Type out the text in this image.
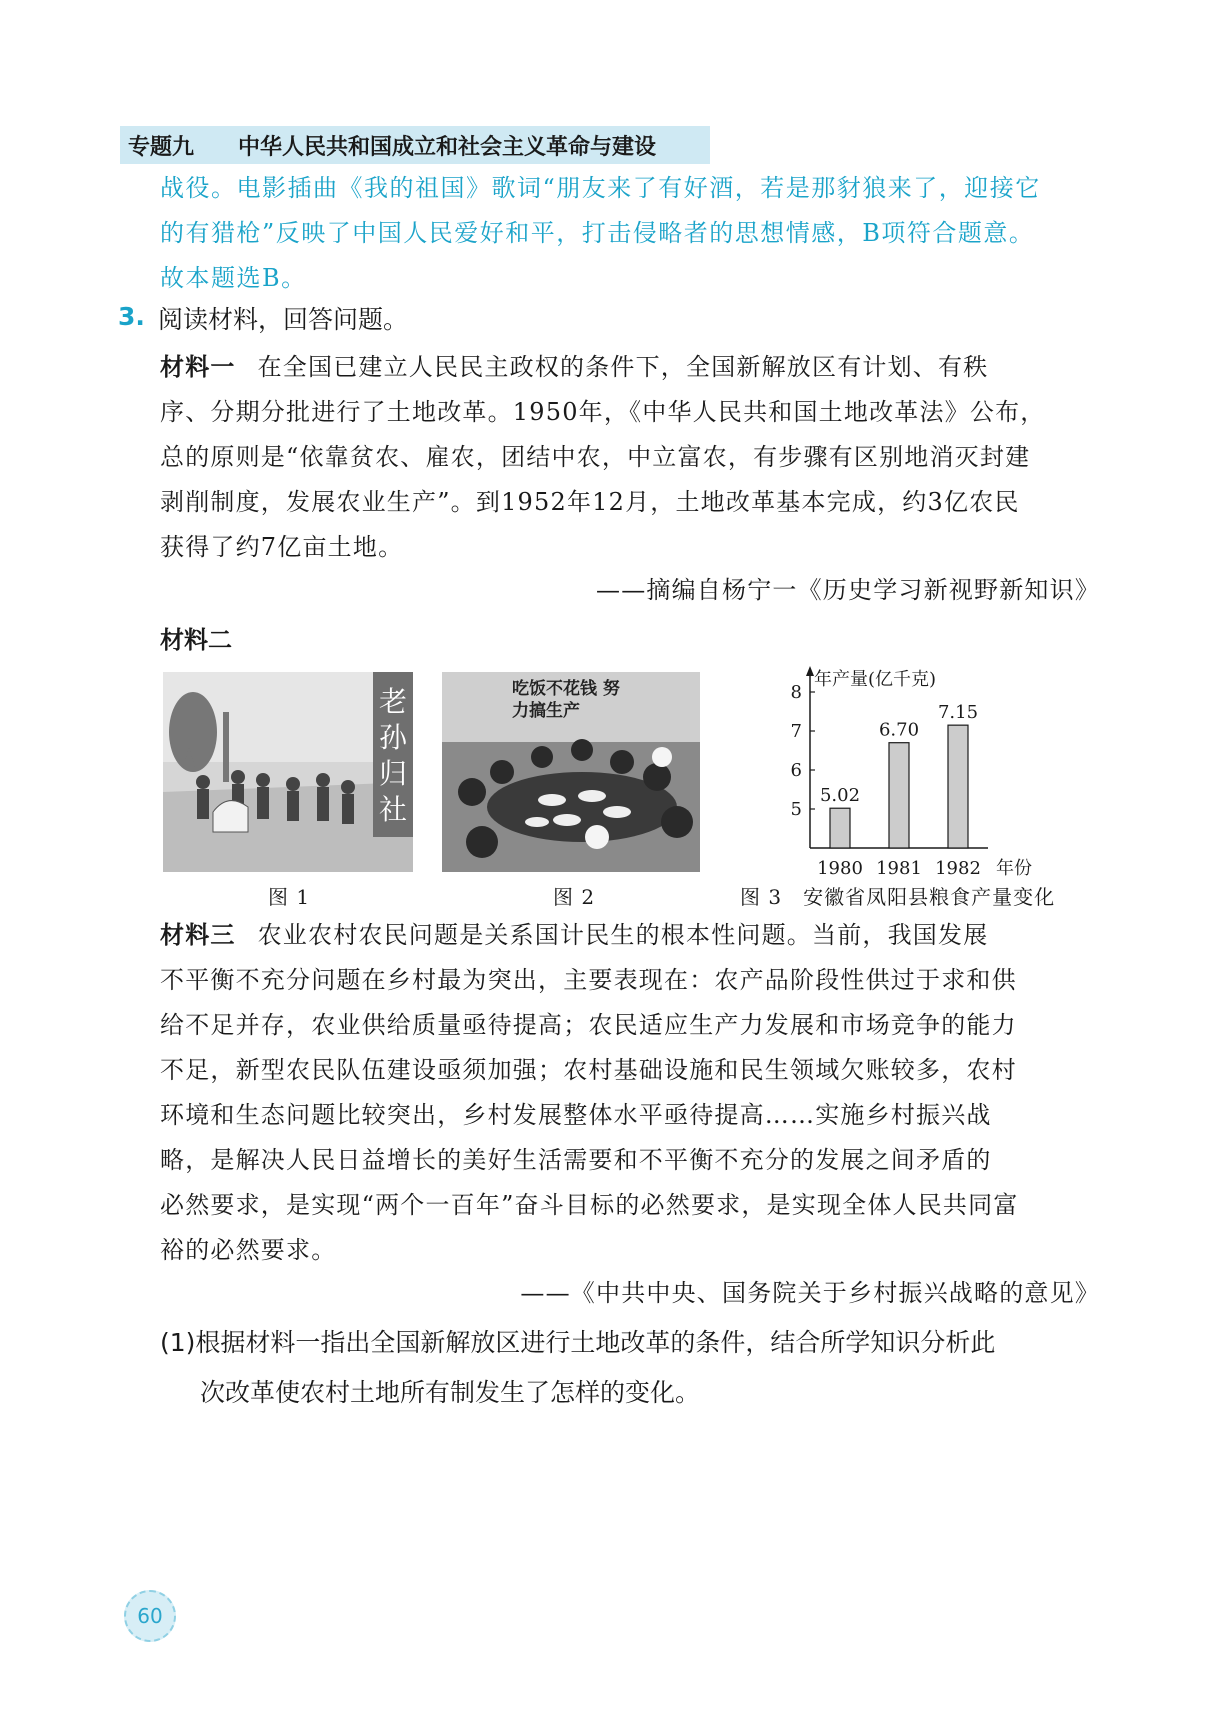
专题九	中华人民共和国成立和社会主义革命与建设

战役。电影插曲《我的祖国》歌词“朋友来了有好酒，若是那豺狼来了，迎接它

的有猎枪”反映了中国人民爱好和平，打击侵略者的思想情感，B项符合题意。

故本题选B。

3. 阅读材料，回答问题。

材料一 在全国已建立人民民主政权的条件下，全国新解放区有计划、有秩

序、分期分批进行了土地改革。1950年，《中华人民共和国土地改革法》公布，

总的原则是“依靠贫农、雇农，团结中农，中立富农，有步骤有区别地消灭封建

剥削制度，发展农业生产”。到1952年12月，土地改革基本完成，约3亿农民

获得了约7亿亩土地。

——摘编自杨宁一《历史学习新视野新知识》
材料二
老孙归社
图 1
吃饭不花钱 努力搞生产
图 2
5
6
7
8
5.02
1980
6.70
1981
7.15
1982
年产量(亿千克)
年份
图 3　安徽省凤阳县粮食产量变化

材料三 农业农村农民问题是关系国计民生的根本性问题。当前，我国发展

不平衡不充分问题在乡村最为突出，主要表现在：农产品阶段性供过于求和供

给不足并存，农业供给质量亟待提高；农民适应生产力发展和市场竞争的能力

不足，新型农民队伍建设亟须加强；农村基础设施和民生领域欠账较多，农村

环境和生态问题比较突出，乡村发展整体水平亟待提高……实施乡村振兴战

略，是解决人民日益增长的美好生活需要和不平衡不充分的发展之间矛盾的

必然要求，是实现“两个一百年”奋斗目标的必然要求，是实现全体人民共同富

裕的必然要求。

——《中共中央、国务院关于乡村振兴战略的意见》

(1)根据材料一指出全国新解放区进行土地改革的条件，结合所学知识分析此

次改革使农村土地所有制发生了怎样的变化。

60
